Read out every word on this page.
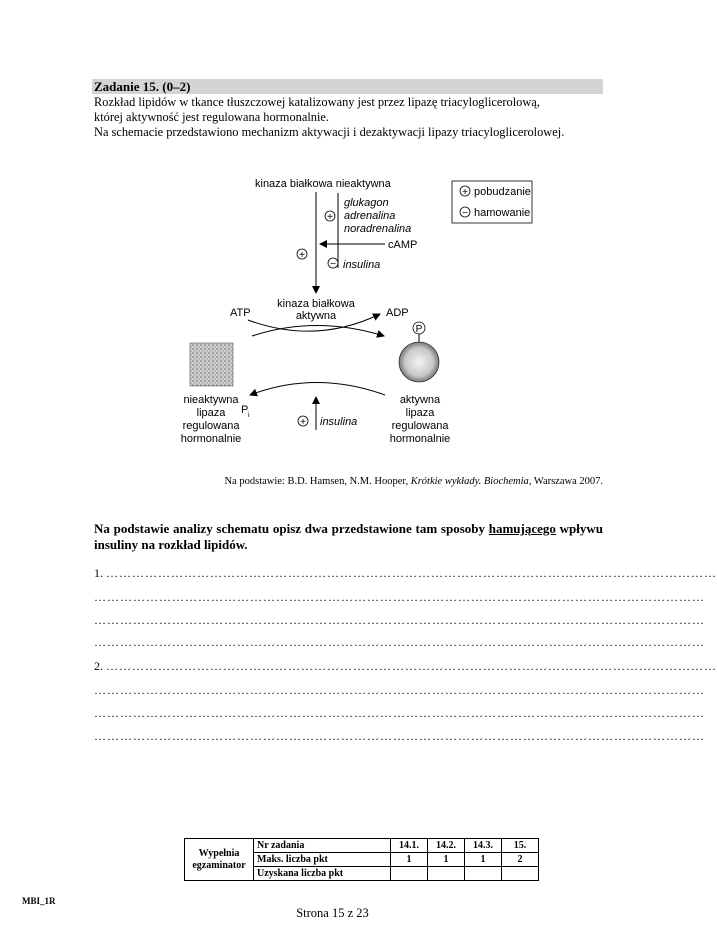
Zadanie 15. (0–2)
Rozkład lipidów w tkance tłuszczowej katalizowany jest przez lipazę triacyloglicerolową,
której aktywność jest regulowana hormonalnie.
Na schemacie przedstawiono mechanizm aktywacji i dezaktywacji lipazy triacyloglicerolowej.
kinaza białkowa nieaktywna
+
glukagon
adrenalina
noradrenalina
cAMP
+
− insulina
kinaza białkowa
aktywna
ATP	ADP
P
P i
+ insulina
nieaktywna
lipaza
regulowana
hormonalnie
aktywna
lipaza
regulowana
hormonalnie
+ pobudzanie
− hamowanie
Na podstawie: B.D. Hamsen, N.M. Hooper, Krótkie wykłady. Biochemia, Warszawa 2007.
Na podstawie analizy schematu opisz dwa przedstawione tam sposoby hamującego wpływu insuliny na rozkład lipidów.
1. ……………………………………………………………………………………………………………………………
……………………………………………………………………………………………………………………………
……………………………………………………………………………………………………………………………
……………………………………………………………………………………………………………………………
2. ……………………………………………………………………………………………………………………………
……………………………………………………………………………………………………………………………
……………………………………………………………………………………………………………………………
……………………………………………………………………………………………………………………………
Wypełnia
egzaminator	Nr zadania	14.1.	14.2.	14.3.	15.
	Maks. liczba pkt	1	1	1	2
	Uzyskana liczba pkt				
MBI_1R
Strona 15 z 23
